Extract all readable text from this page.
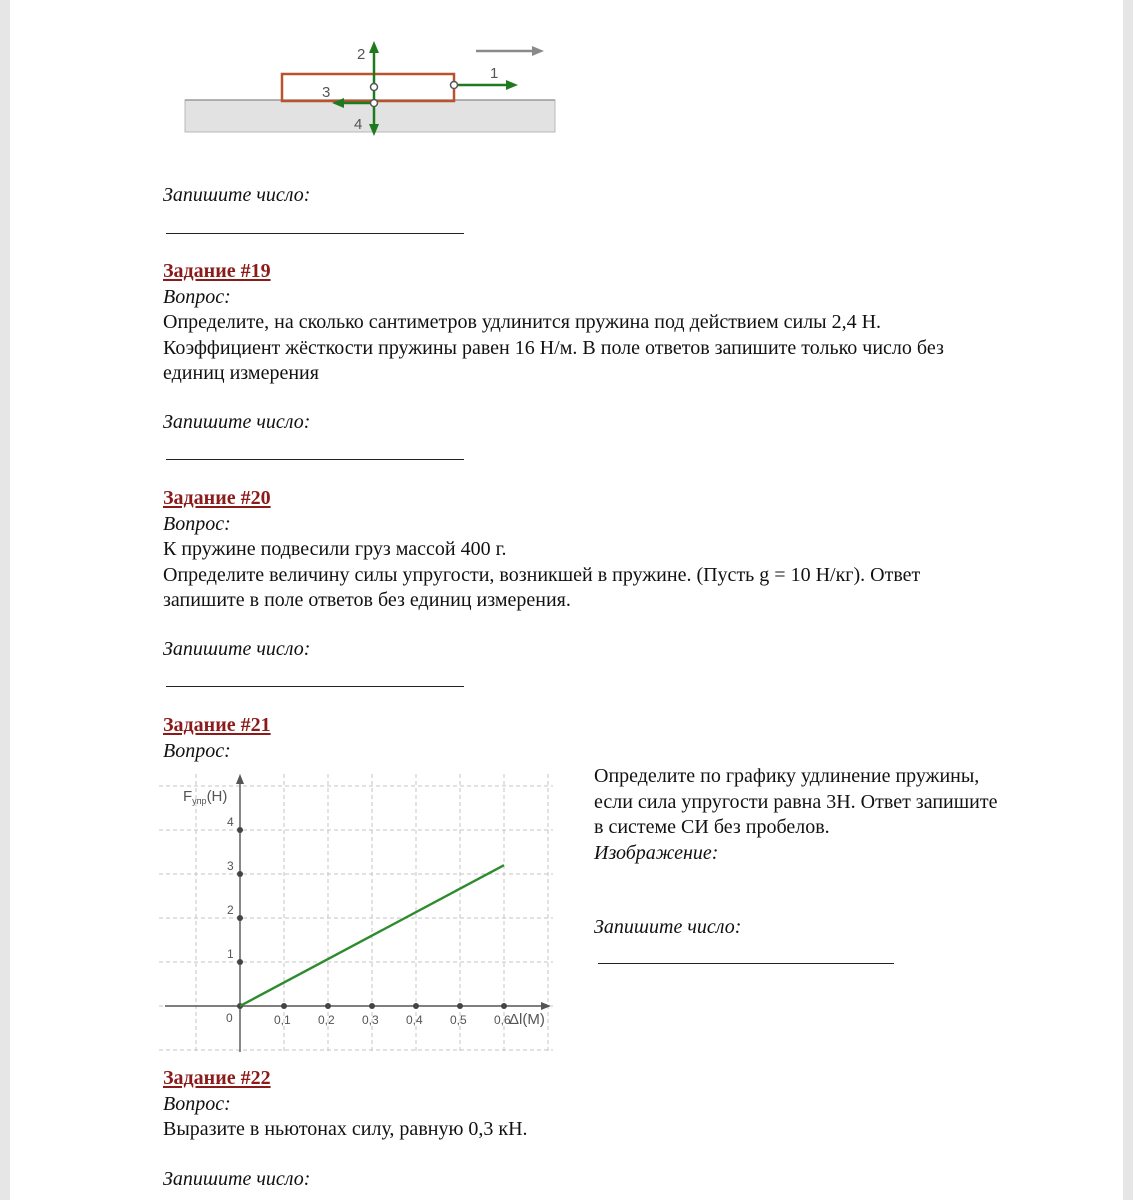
1
2
3
4
Запишите число:
Задание #19
Вопрос:
Определите, на сколько сантиметров удлинится пружина под действием силы 2,4 Н.
Коэффициент жёсткости пружины равен 16 Н/м. В поле ответов запишите только число без
единиц измерения
Запишите число:
Задание #20
Вопрос:
К пружине подвесили груз массой 400 г.
Определите величину силы упругости, возникшей в пружине. (Пусть g = 10 Н/кг). Ответ
запишите в поле ответов без единиц измерения.
Запишите число:
Задание #21
Вопрос:
0,1 0,2 0,3 0,4 0,5 0,6
1
2
3
4
0
$F_{упр}(H)$
Δl(M)
Определите по графику удлинение пружины,
если сила упругости равна 3Н. Ответ запишите
в системе СИ без пробелов.
Изображение:
Запишите число:
Задание #22
Вопрос:
Выразите в ньютонах силу, равную 0,3 кН.
Запишите число:
